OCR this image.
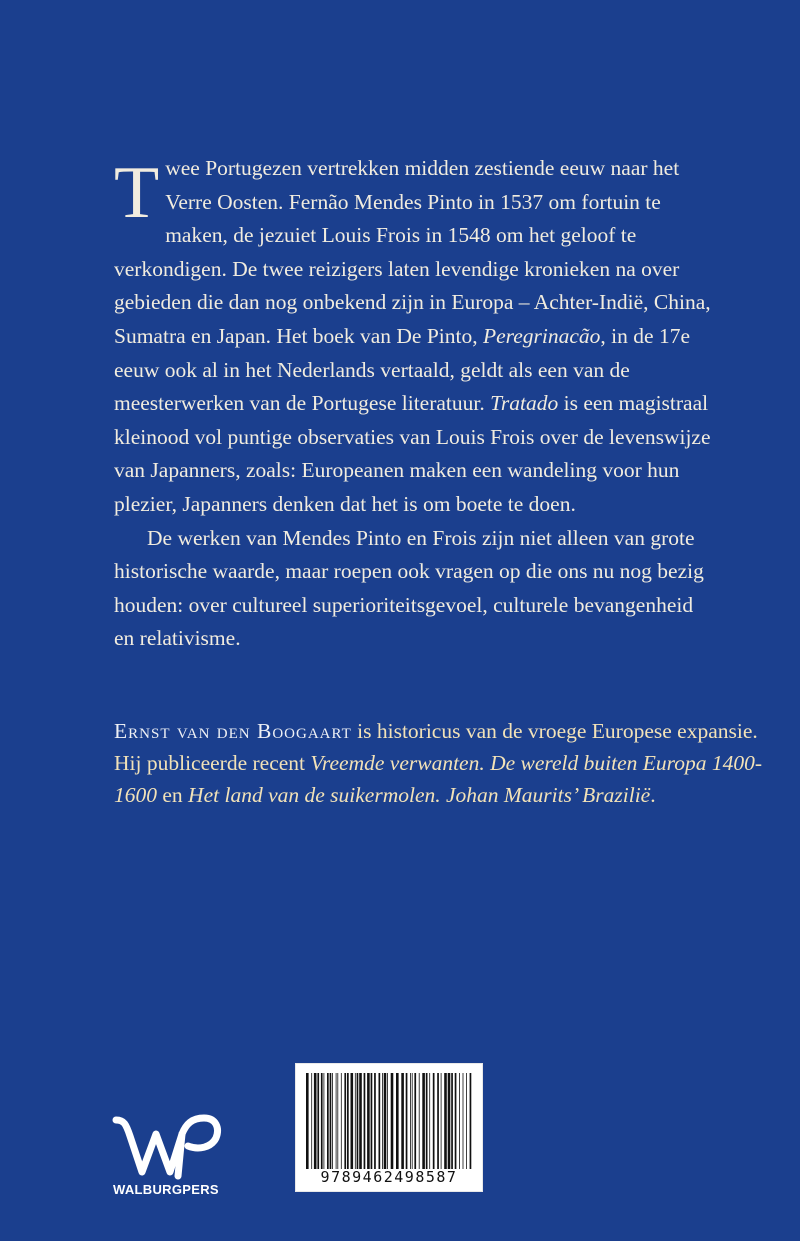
Twee Portugezen vertrekken midden zestiende eeuw naar het Verre Oosten. Fernão Mendes Pinto in 1537 om fortuin te maken, de jezuiet Louis Frois in 1548 om het geloof te verkondigen. De twee reizigers laten levendige kronieken na over gebieden die dan nog onbekend zijn in Europa – Achter-Indië, China, Sumatra en Japan. Het boek van De Pinto, Peregrinacão, in de 17e eeuw ook al in het Nederlands vertaald, geldt als een van de meesterwerken van de Portugese literatuur. Tratado is een magistraal kleinood vol puntige observaties van Louis Frois over de levenswijze van Japanners, zoals: Europeanen maken een wandeling voor hun plezier, Japanners denken dat het is om boete te doen.

De werken van Mendes Pinto en Frois zijn niet alleen van grote historische waarde, maar roepen ook vragen op die ons nu nog bezig houden: over cultureel superioriteitsgevoel, culturele bevangenheid en relativisme.

Ernst van den Boogaart is historicus van de vroege Europese expansie. Hij publiceerde recent Vreemde verwanten. De wereld buiten Europa 1400-1600 en Het land van de suikermolen. Johan Maurits’ Brazilië.
9789462498587
WALBURGPERS
